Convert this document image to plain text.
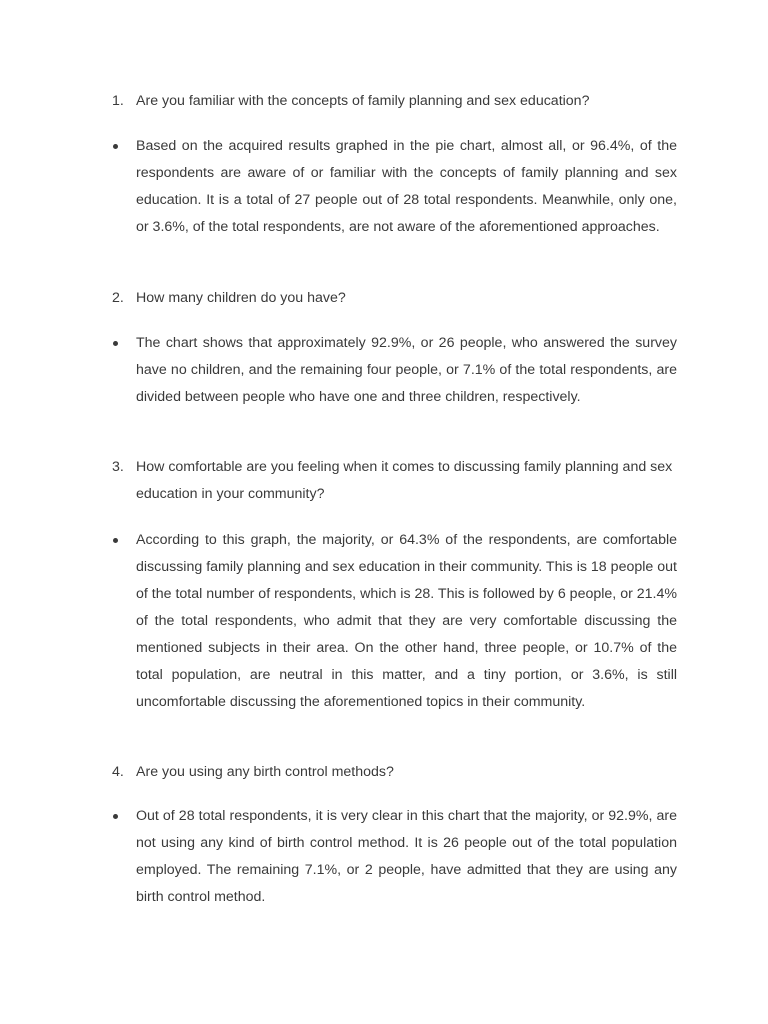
1. Are you familiar with the concepts of family planning and sex education?
Based on the acquired results graphed in the pie chart, almost all, or 96.4%, of the respondents are aware of or familiar with the concepts of family planning and sex education. It is a total of 27 people out of 28 total respondents. Meanwhile, only one, or 3.6%, of the total respondents, are not aware of the aforementioned approaches.
2. How many children do you have?
The chart shows that approximately 92.9%, or 26 people, who answered the survey have no children, and the remaining four people, or 7.1% of the total respondents, are divided between people who have one and three children, respectively.
3. How comfortable are you feeling when it comes to discussing family planning and sex education in your community?
According to this graph, the majority, or 64.3% of the respondents, are comfortable discussing family planning and sex education in their community. This is 18 people out of the total number of respondents, which is 28. This is followed by 6 people, or 21.4% of the total respondents, who admit that they are very comfortable discussing the mentioned subjects in their area. On the other hand, three people, or 10.7% of the total population, are neutral in this matter, and a tiny portion, or 3.6%, is still uncomfortable discussing the aforementioned topics in their community.
4. Are you using any birth control methods?
Out of 28 total respondents, it is very clear in this chart that the majority, or 92.9%, are not using any kind of birth control method. It is 26 people out of the total population employed. The remaining 7.1%, or 2 people, have admitted that they are using any birth control method.
